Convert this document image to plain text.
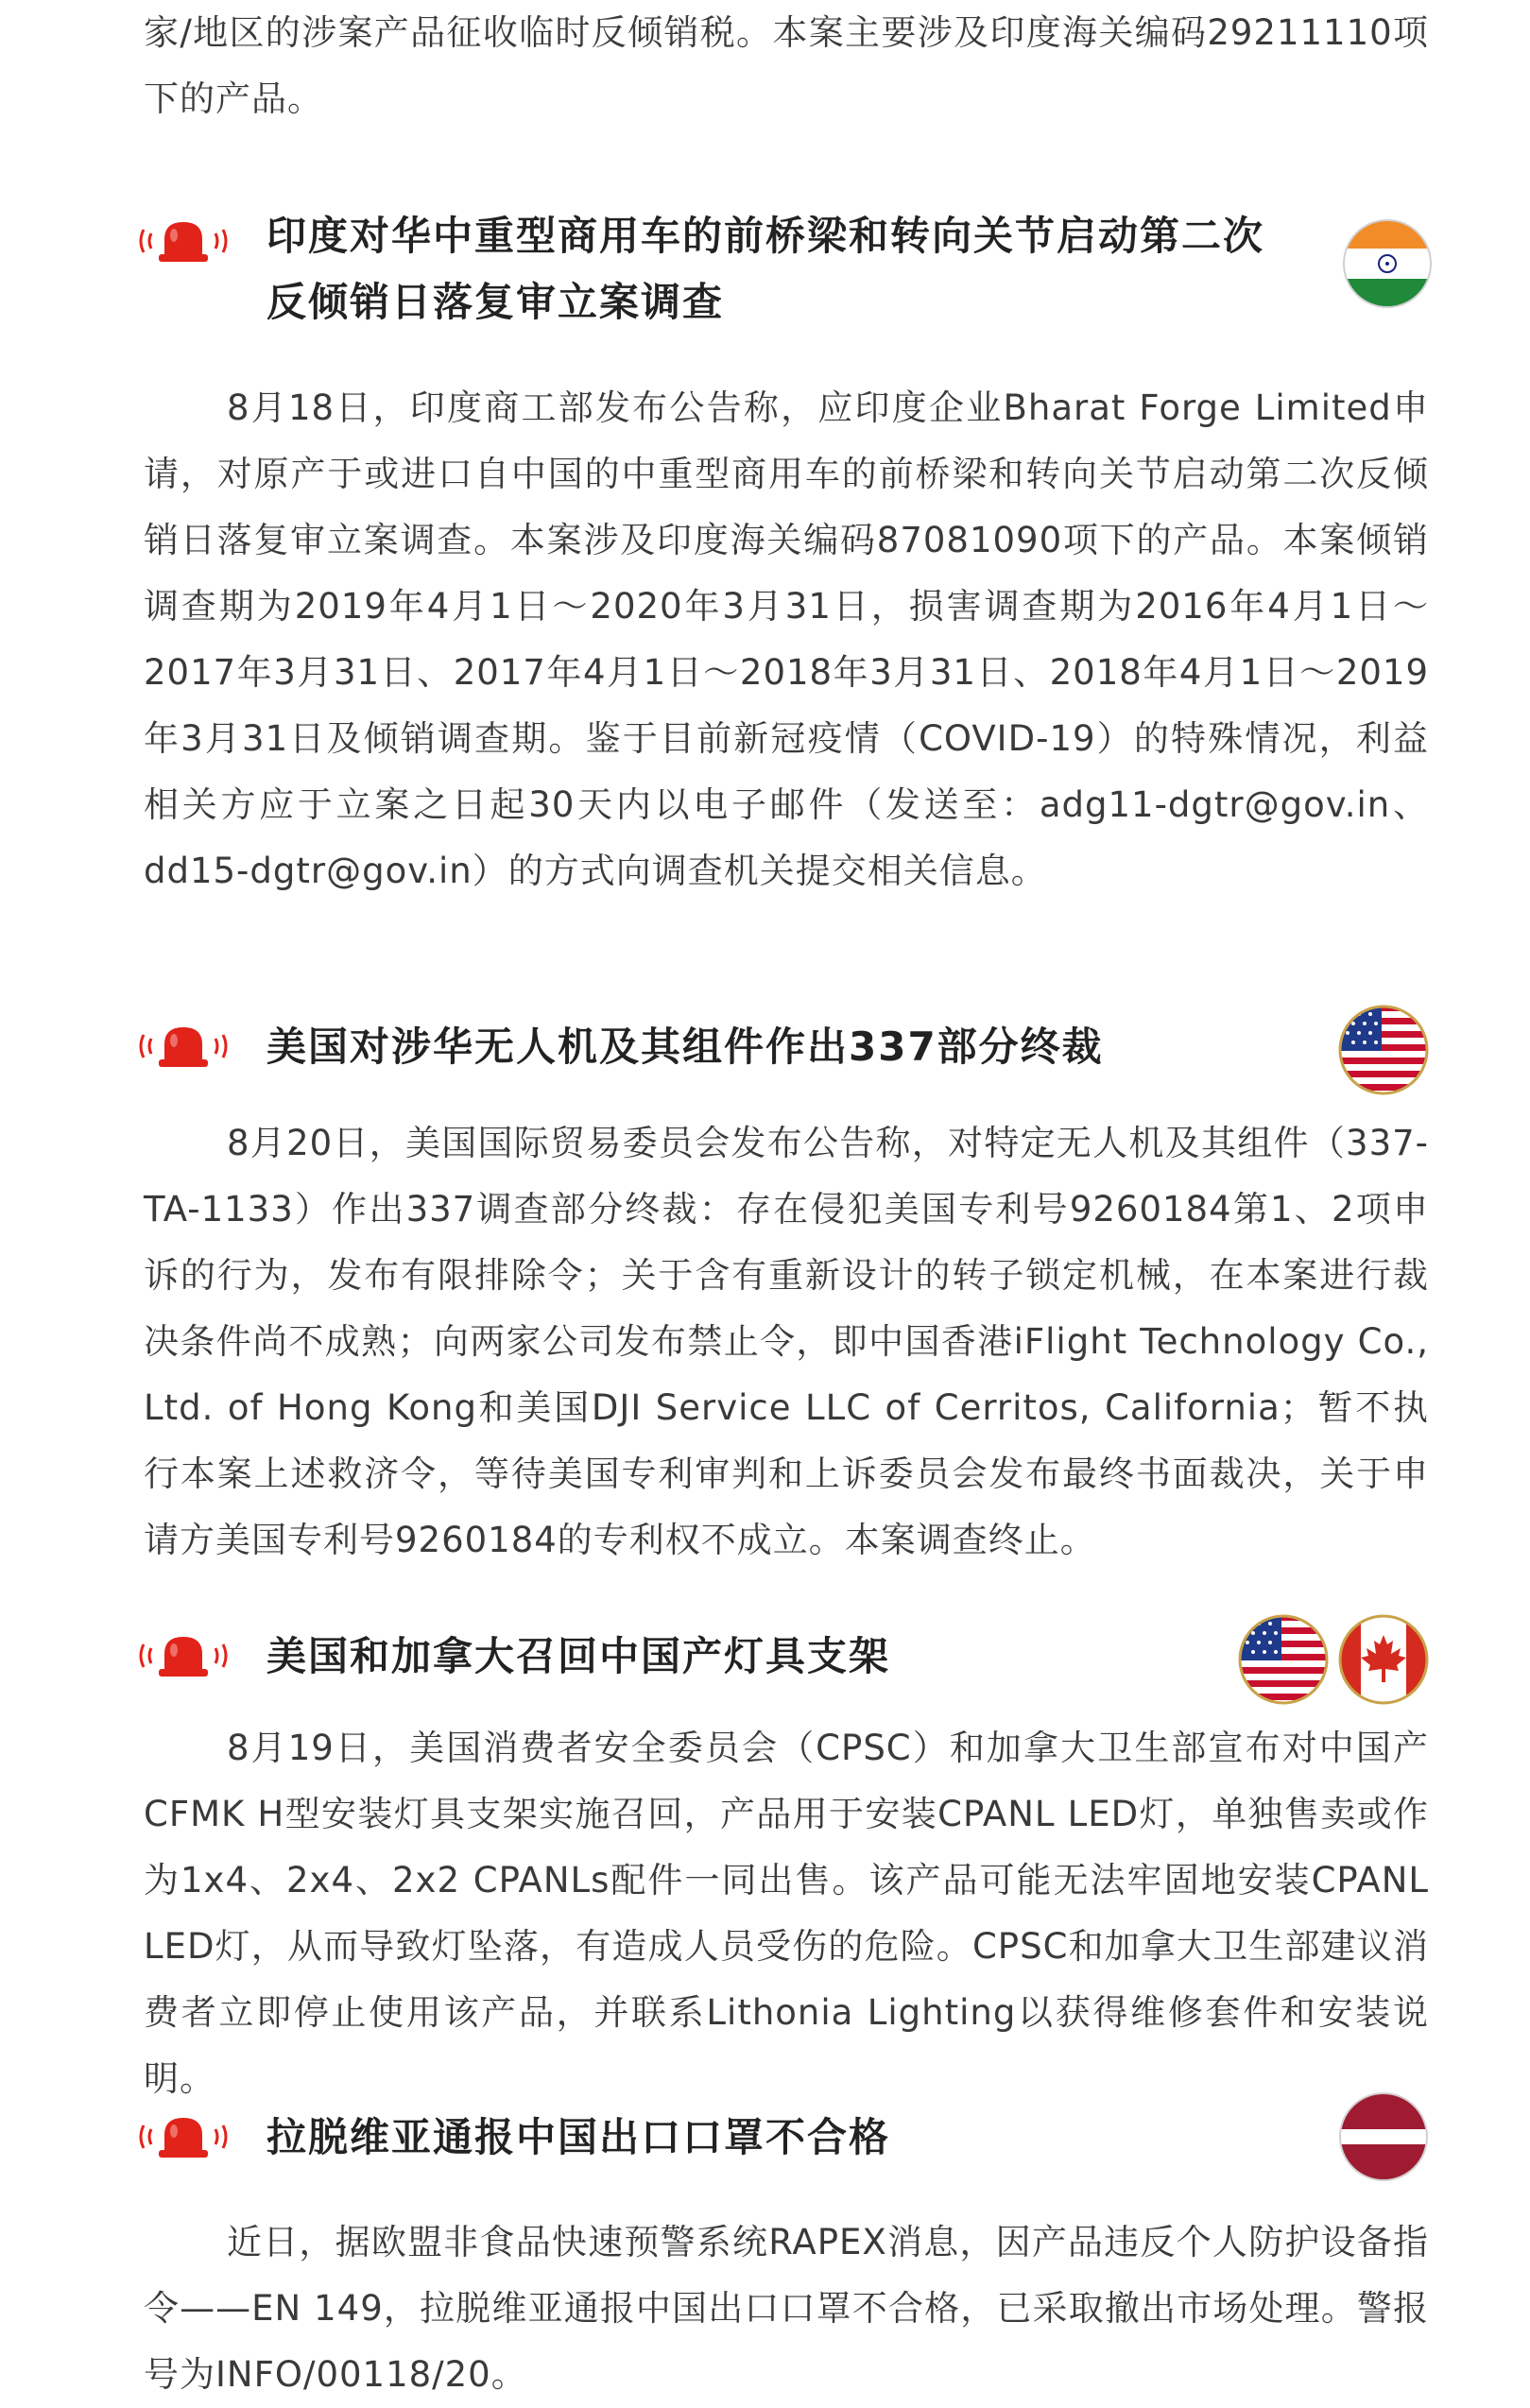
家/地区的涉案产品征收临时反倾销税。本案主要涉及印度海关编码29211110项下的产品。

印度对华中重型商用车的前桥梁和转向关节启动第二次
反倾销日落复审立案调查

8月18日，印度商工部发布公告称，应印度企业Bharat Forge Limited申请，对原产于或进口自中国的中重型商用车的前桥梁和转向关节启动第二次反倾销日落复审立案调查。本案涉及印度海关编码87081090项下的产品。本案倾销调查期为2019年4月1日～2020年3月31日，损害调查期为2016年4月1日～2017年3月31日、2017年4月1日～2018年3月31日、2018年4月1日～2019年3月31日及倾销调查期。鉴于目前新冠疫情（COVID-19）的特殊情况，利益相关方应于立案之日起30天内以电子邮件（发送至：adg11-dgtr@gov.in、dd15-dgtr@gov.in）的方式向调查机关提交相关信息。

美国对涉华无人机及其组件作出337部分终裁

8月20日，美国国际贸易委员会发布公告称，对特定无人机及其组件（337-TA-1133）作出337调查部分终裁：存在侵犯美国专利号9260184第1、2项申诉的行为，发布有限排除令；关于含有重新设计的转子锁定机械，在本案进行裁决条件尚不成熟；向两家公司发布禁止令，即中国香港iFlight Technology Co., Ltd. of Hong Kong和美国DJI Service LLC of Cerritos, California；暂不执行本案上述救济令，等待美国专利审判和上诉委员会发布最终书面裁决，关于申请方美国专利号9260184的专利权不成立。本案调查终止。

美国和加拿大召回中国产灯具支架

8月19日，美国消费者安全委员会（CPSC）和加拿大卫生部宣布对中国产CFMK H型安装灯具支架实施召回，产品用于安装CPANL LED灯，单独售卖或作为1x4、2x4、2x2 CPANLs配件一同出售。该产品可能无法牢固地安装CPANL LED灯，从而导致灯坠落，有造成人员受伤的危险。CPSC和加拿大卫生部建议消费者立即停止使用该产品，并联系Lithonia Lighting以获得维修套件和安装说明。

拉脱维亚通报中国出口口罩不合格

近日，据欧盟非食品快速预警系统RAPEX消息，因产品违反个人防护设备指令——EN 149，拉脱维亚通报中国出口口罩不合格，已采取撤出市场处理。警报号为INFO/00118/20。
